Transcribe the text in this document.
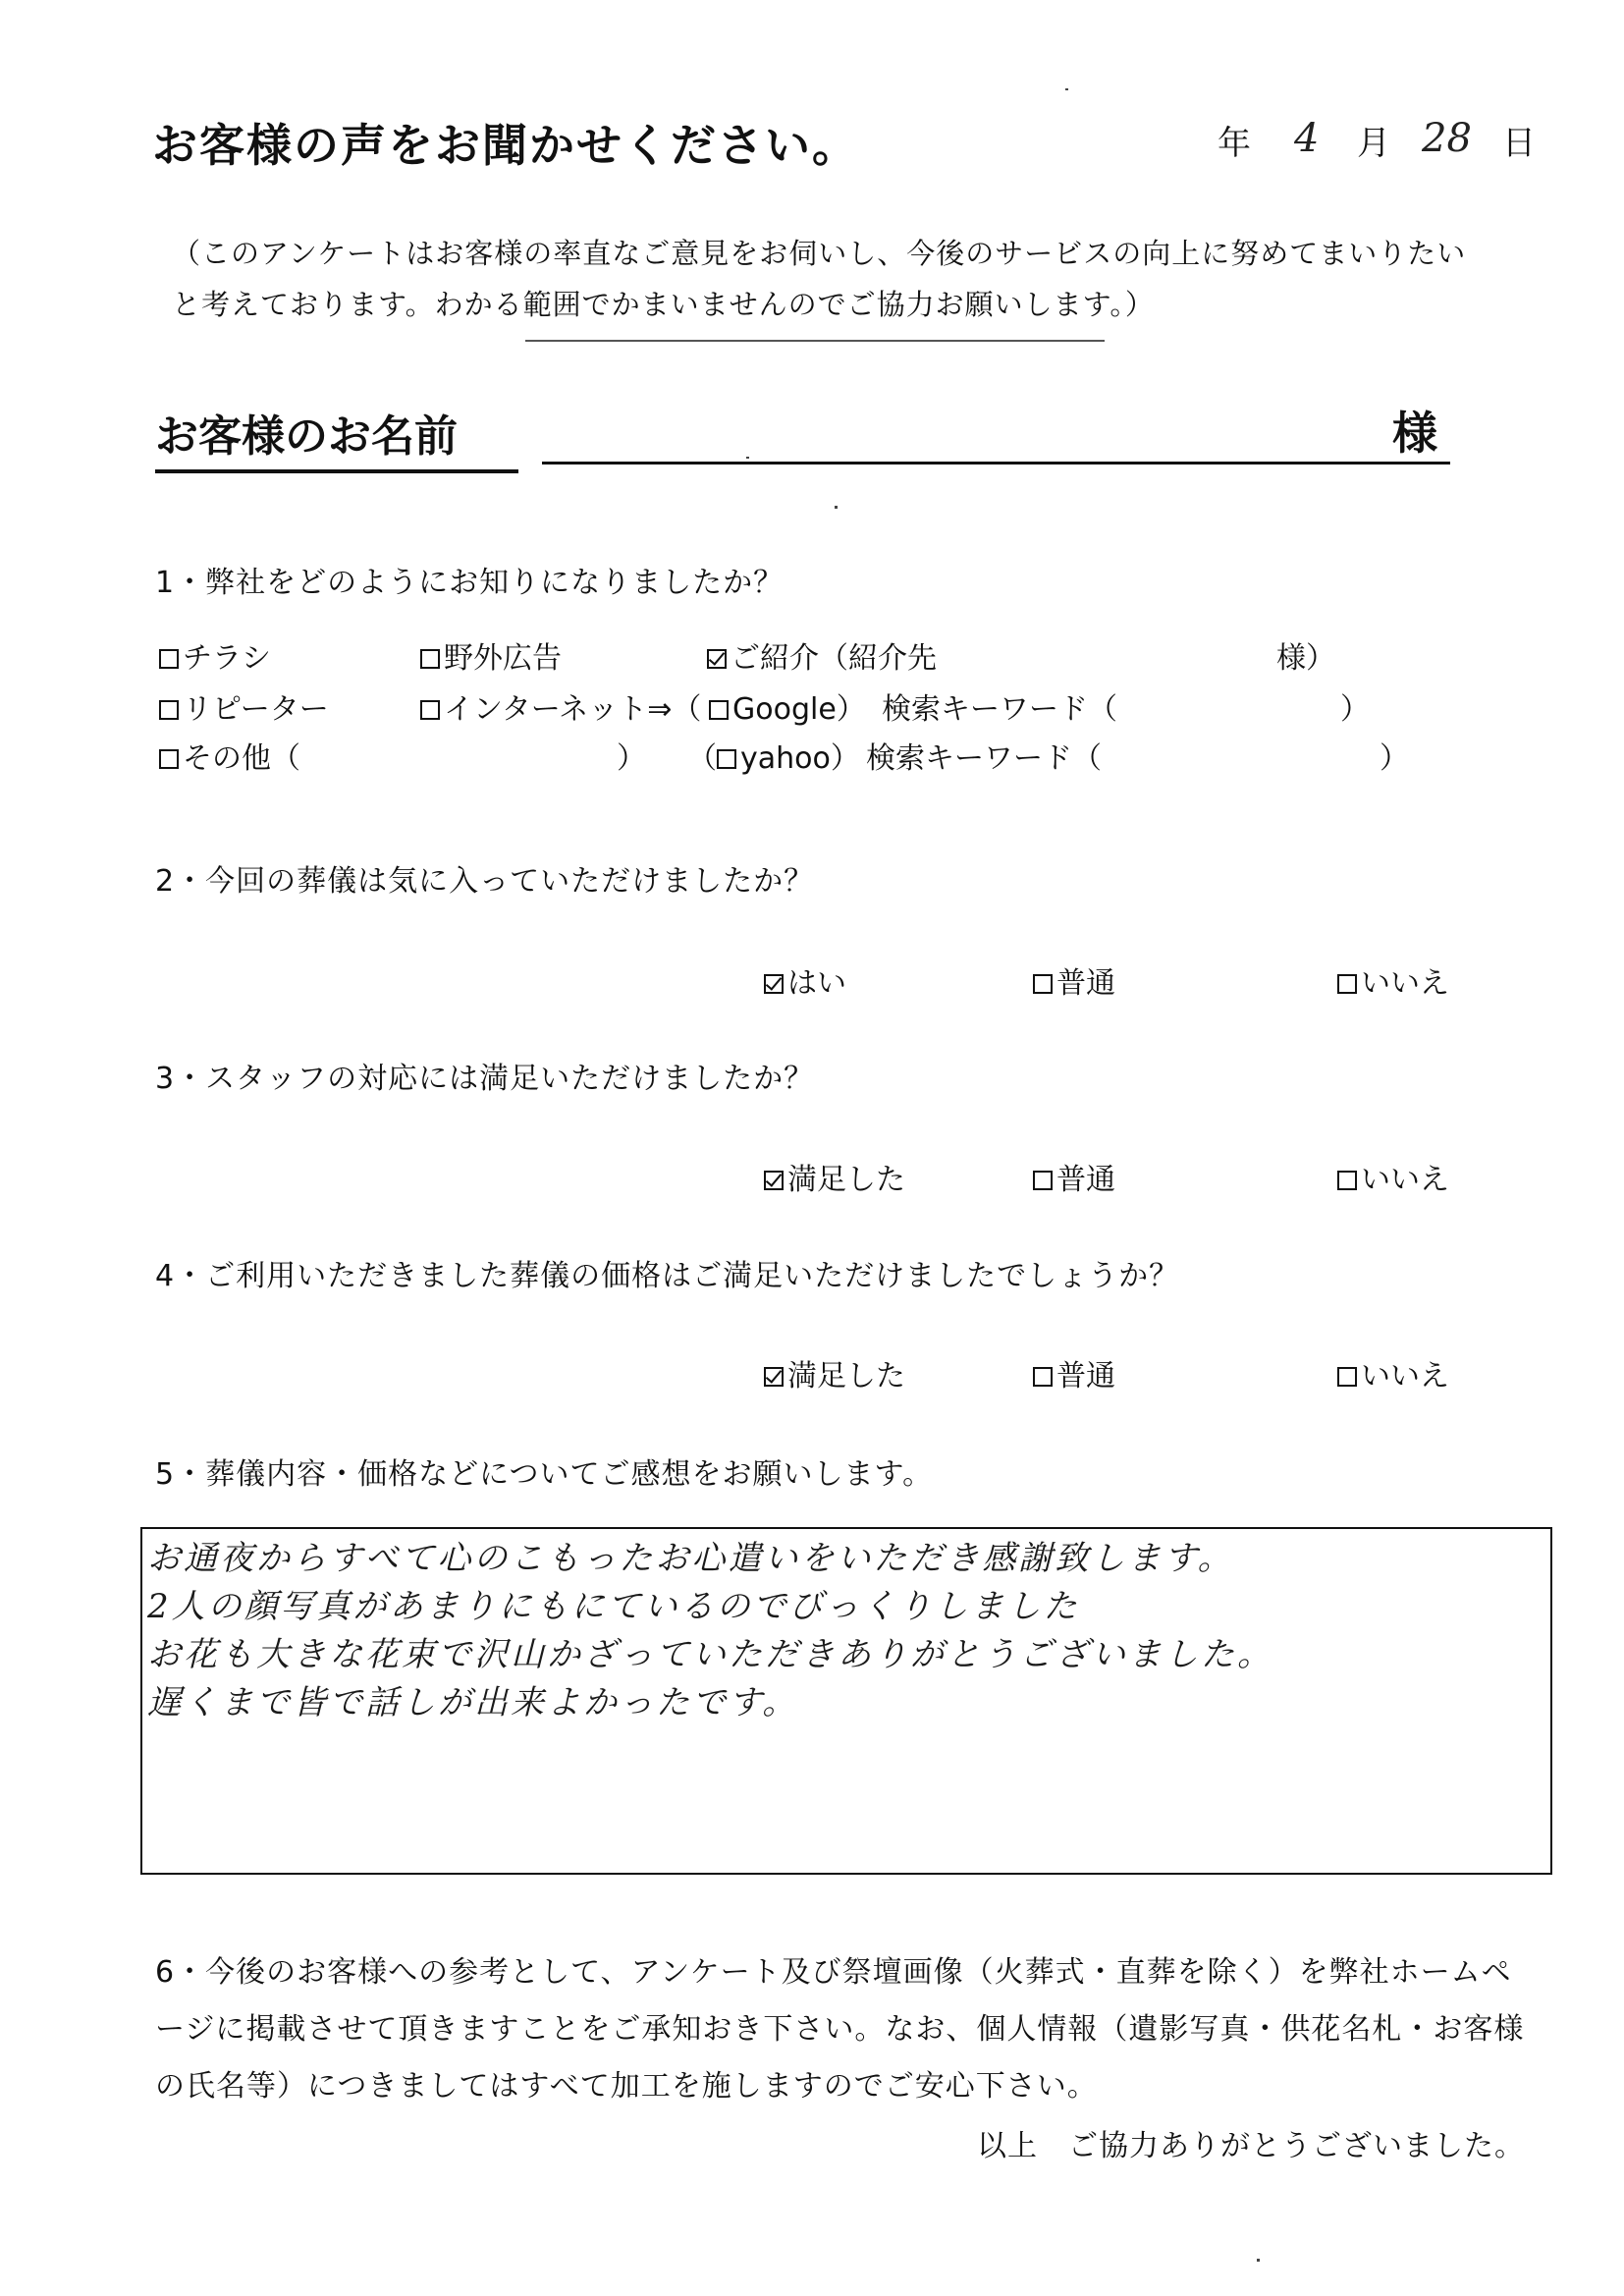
お客様の声をお聞かせください。	年 4 月 28 日
（このアンケートはお客様の率直なご意見をお伺いし、今後のサービスの向上に努めてまいりたいと考えております。わかる範囲でかまいませんのでご協力お願いします。）
お客様のお名前	様
1・弊社をどのようにお知りになりましたか？
チラシ	野外広告	ご紹介（紹介先	様）
リピーター	インターネット⇒（	Google） 検索キーワード（	）
その他（	） （ yahoo） 検索キーワード（	）
2・今回の葬儀は気に入っていただけましたか？
はい	普通	いいえ
3・スタッフの対応には満足いただけましたか？
満足した	普通	いいえ
4・ご利用いただきました葬儀の価格はご満足いただけましたでしょうか？
満足した	普通	いいえ
5・葬儀内容・価格などについてご感想をお願いします。
お通夜からすべて心のこもったお心遣いをいただき感謝致します。
2人の顔写真があまりにもにているのでびっくりしました
お花も大きな花束で沢山かざっていただきありがとうございました。
遅くまで皆で話しが出来よかったです。
6・今後のお客様への参考として、アンケート及び祭壇画像（火葬式・直葬を除く）を弊社ホームページに掲載させて頂きますことをご承知おき下さい。なお、個人情報（遺影写真・供花名札・お客様の氏名等）につきましてはすべて加工を施しますのでご安心下さい。
以上　ご協力ありがとうございました。
